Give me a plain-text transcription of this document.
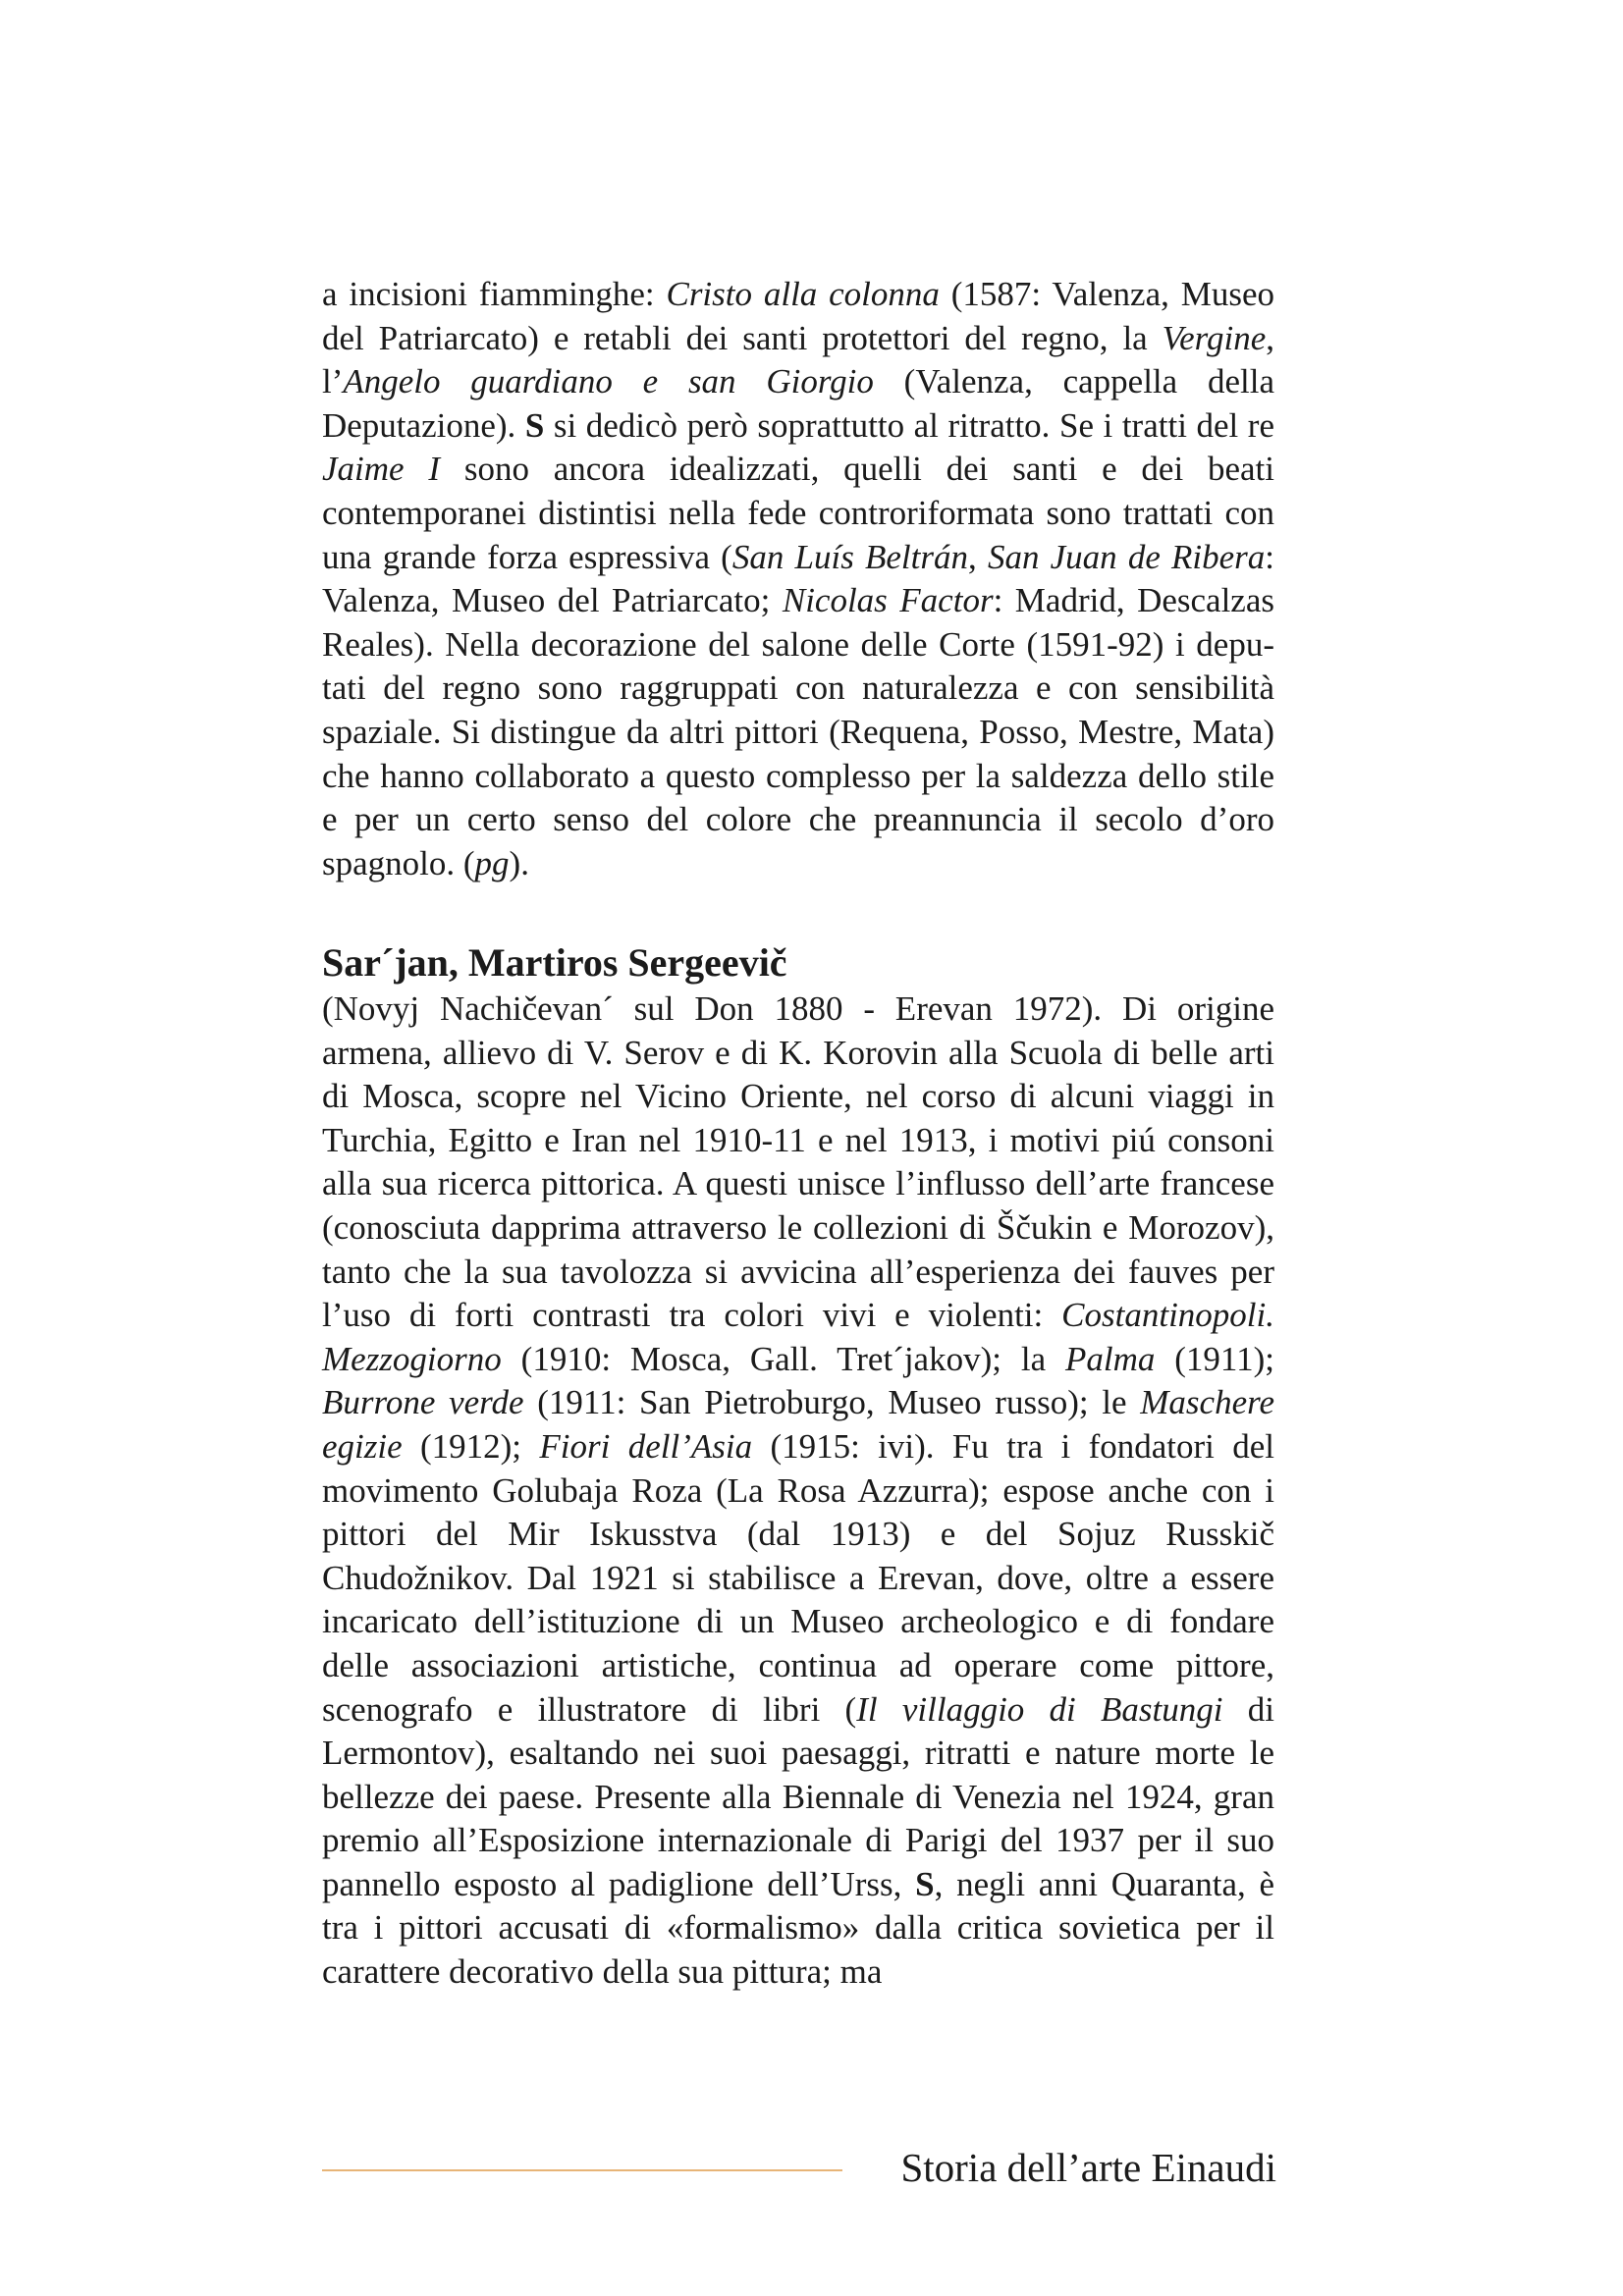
a incisioni fiamminghe: Cristo alla colonna (1587: Valenza, Museo del Patriarcato) e retabli dei santi protettori del regno, la Vergine, l’Angelo guardiano e san Giorgio (Valenza, cappella della Deputazione). S si dedicò però soprattutto al ritratto. Se i tratti del re Jaime I sono ancora idealizzati, quelli dei santi e dei beati contemporanei distintisi nella fede controriformata sono trattati con una grande forza espressiva (San Luís Beltrán, San Juan de Ribera: Valenza, Museo del Patriarcato; Nicolas Factor: Madrid, Descalzas Reales). Nella decorazione del salone delle Corte (1591-92) i deputati del regno sono raggruppati con naturalezza e con sensibilità spaziale. Si distingue da altri pittori (Requena, Posso, Mestre, Mata) che hanno collaborato a questo complesso per la saldezza dello stile e per un certo senso del colore che preannuncia il secolo d’oro spagnolo. (pg).

Sar´jan, Martiros Sergeevič

(Novyj Nachičevan´ sul Don 1880 - Erevan 1972). Di origine armena, allievo di V. Serov e di K. Korovin alla Scuola di belle arti di Mosca, scopre nel Vicino Oriente, nel corso di alcuni viaggi in Turchia, Egitto e Iran nel 1910-11 e nel 1913, i motivi piú consoni alla sua ricerca pittorica. A questi unisce l’influsso dell’arte francese (conosciuta dapprima attraverso le collezioni di Ščukin e Morozov), tanto che la sua tavolozza si avvicina all’esperienza dei fauves per l’uso di forti contrasti tra colori vivi e violenti: Costantinopoli. Mezzogiorno (1910: Mosca, Gall. Tret´jakov); la Palma (1911); Burrone verde (1911: San Pietroburgo, Museo russo); le Maschere egizie (1912); Fiori dell’Asia (1915: ivi). Fu tra i fondatori del movimento Golubaja Roza (La Rosa Azzurra); espose anche con i pittori del Mir Iskusstva (dal 1913) e del Sojuz Russkič Chudožnikov. Dal 1921 si stabilisce a Erevan, dove, oltre a essere incaricato dell’istituzione di un Museo archeologico e di fondare delle associazioni artistiche, continua ad operare come pittore, scenografo e illustratore di libri (Il villaggio di Bastungi di Lermontov), esaltando nei suoi paesaggi, ritratti e nature morte le bellezze dei paese. Presente alla Biennale di Venezia nel 1924, gran premio all’Esposizione internazionale di Parigi del 1937 per il suo pannello esposto al padiglione dell’Urss, S, negli anni Quaranta, è tra i pittori accusati di «formalismo» dalla critica sovietica per il carattere decorativo della sua pittura; ma

Storia dell’arte Einaudi
